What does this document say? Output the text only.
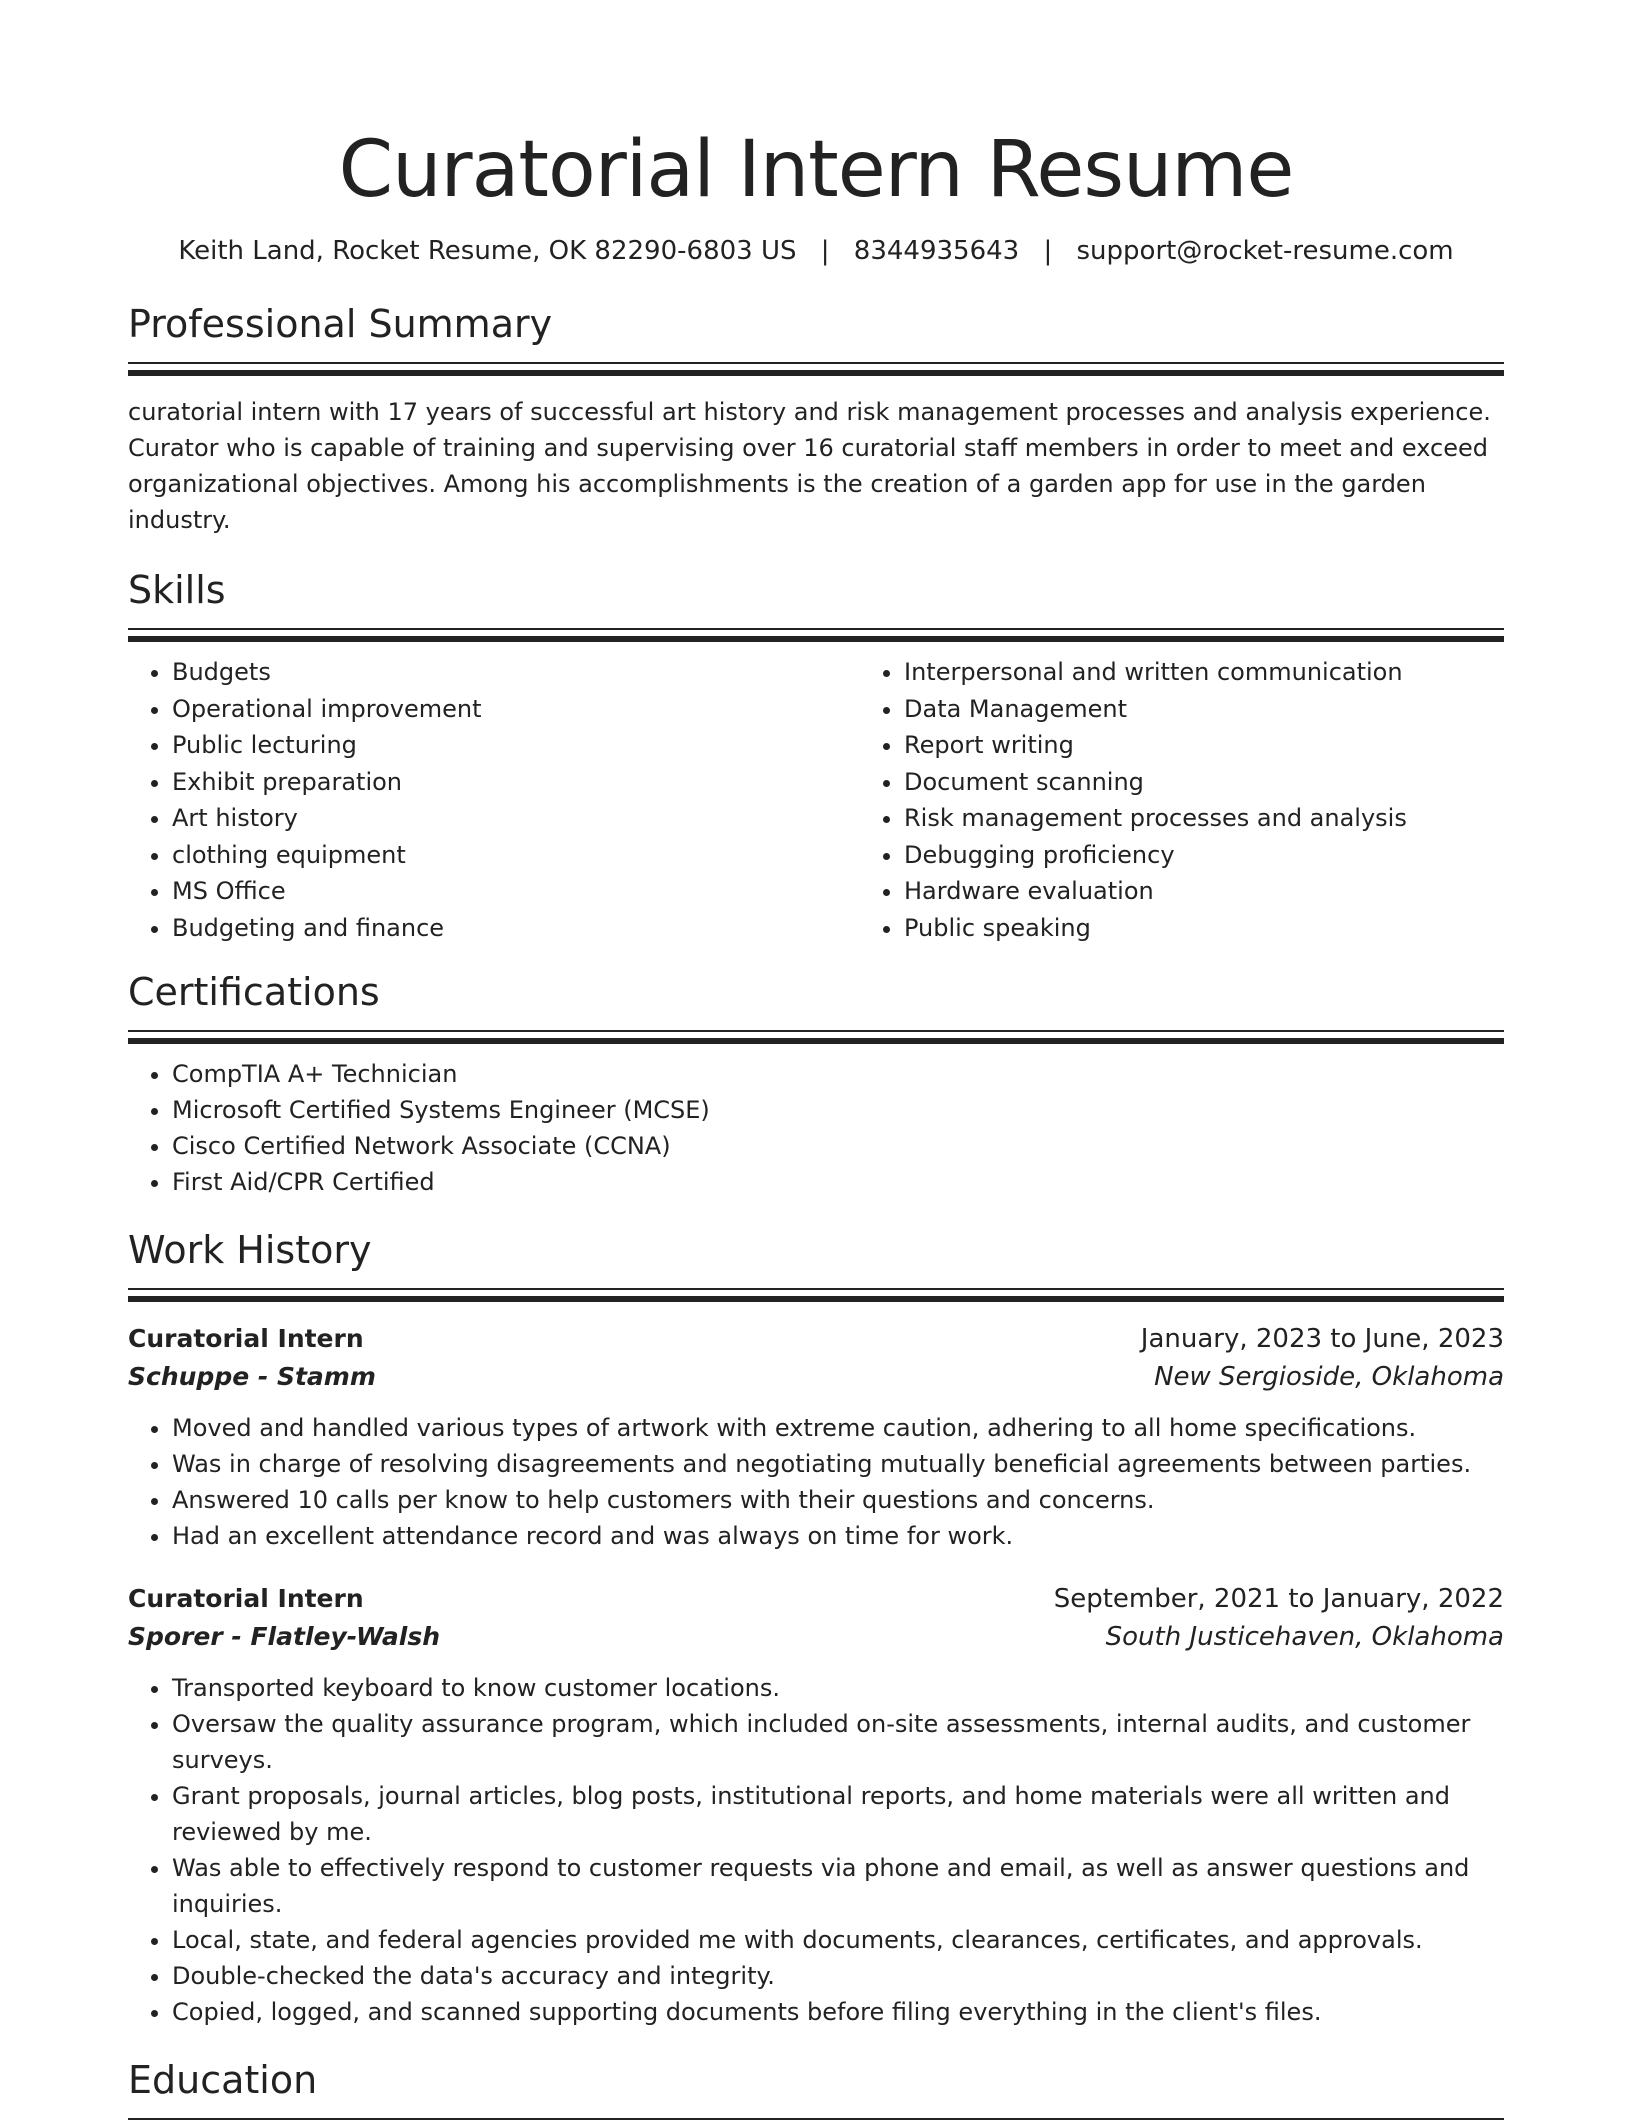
Curatorial Intern Resume
Keith Land, Rocket Resume, OK 82290-6803 US | 8344935643 | support@rocket-resume.com
Professional Summary

curatorial intern with 17 years of successful art history and risk management processes and analysis experience. Curator who is capable of training and supervising over 16 curatorial staff members in order to meet and exceed organizational objectives. Among his accomplishments is the creation of a garden app for use in the garden industry.

Skills
• Budgets
• Operational improvement
• Public lecturing
• Exhibit preparation
• Art history
• clothing equipment
• MS Office
• Budgeting and finance
• Interpersonal and written communication
• Data Management
• Report writing
• Document scanning
• Risk management processes and analysis
• Debugging proficiency
• Hardware evaluation
• Public speaking
Certifications
• CompTIA A+ Technician
• Microsoft Certified Systems Engineer (MCSE)
• Cisco Certified Network Associate (CCNA)
• First Aid/CPR Certified
Work History
Curatorial Intern	January, 2023 to June, 2023
Schuppe - Stamm	New Sergioside, Oklahoma
• Moved and handled various types of artwork with extreme caution, adhering to all home specifications.
• Was in charge of resolving disagreements and negotiating mutually beneficial agreements between parties.
• Answered 10 calls per know to help customers with their questions and concerns.
• Had an excellent attendance record and was always on time for work.
Curatorial Intern	September, 2021 to January, 2022
Sporer - Flatley-Walsh	South Justicehaven, Oklahoma
• Transported keyboard to know customer locations.
• Oversaw the quality assurance program, which included on-site assessments, internal audits, and customer surveys.
• Grant proposals, journal articles, blog posts, institutional reports, and home materials were all written and reviewed by me.
• Was able to effectively respond to customer requests via phone and email, as well as answer questions and inquiries.
• Local, state, and federal agencies provided me with documents, clearances, certificates, and approvals.
• Double-checked the data's accuracy and integrity.
• Copied, logged, and scanned supporting documents before filing everything in the client's files.
Education
